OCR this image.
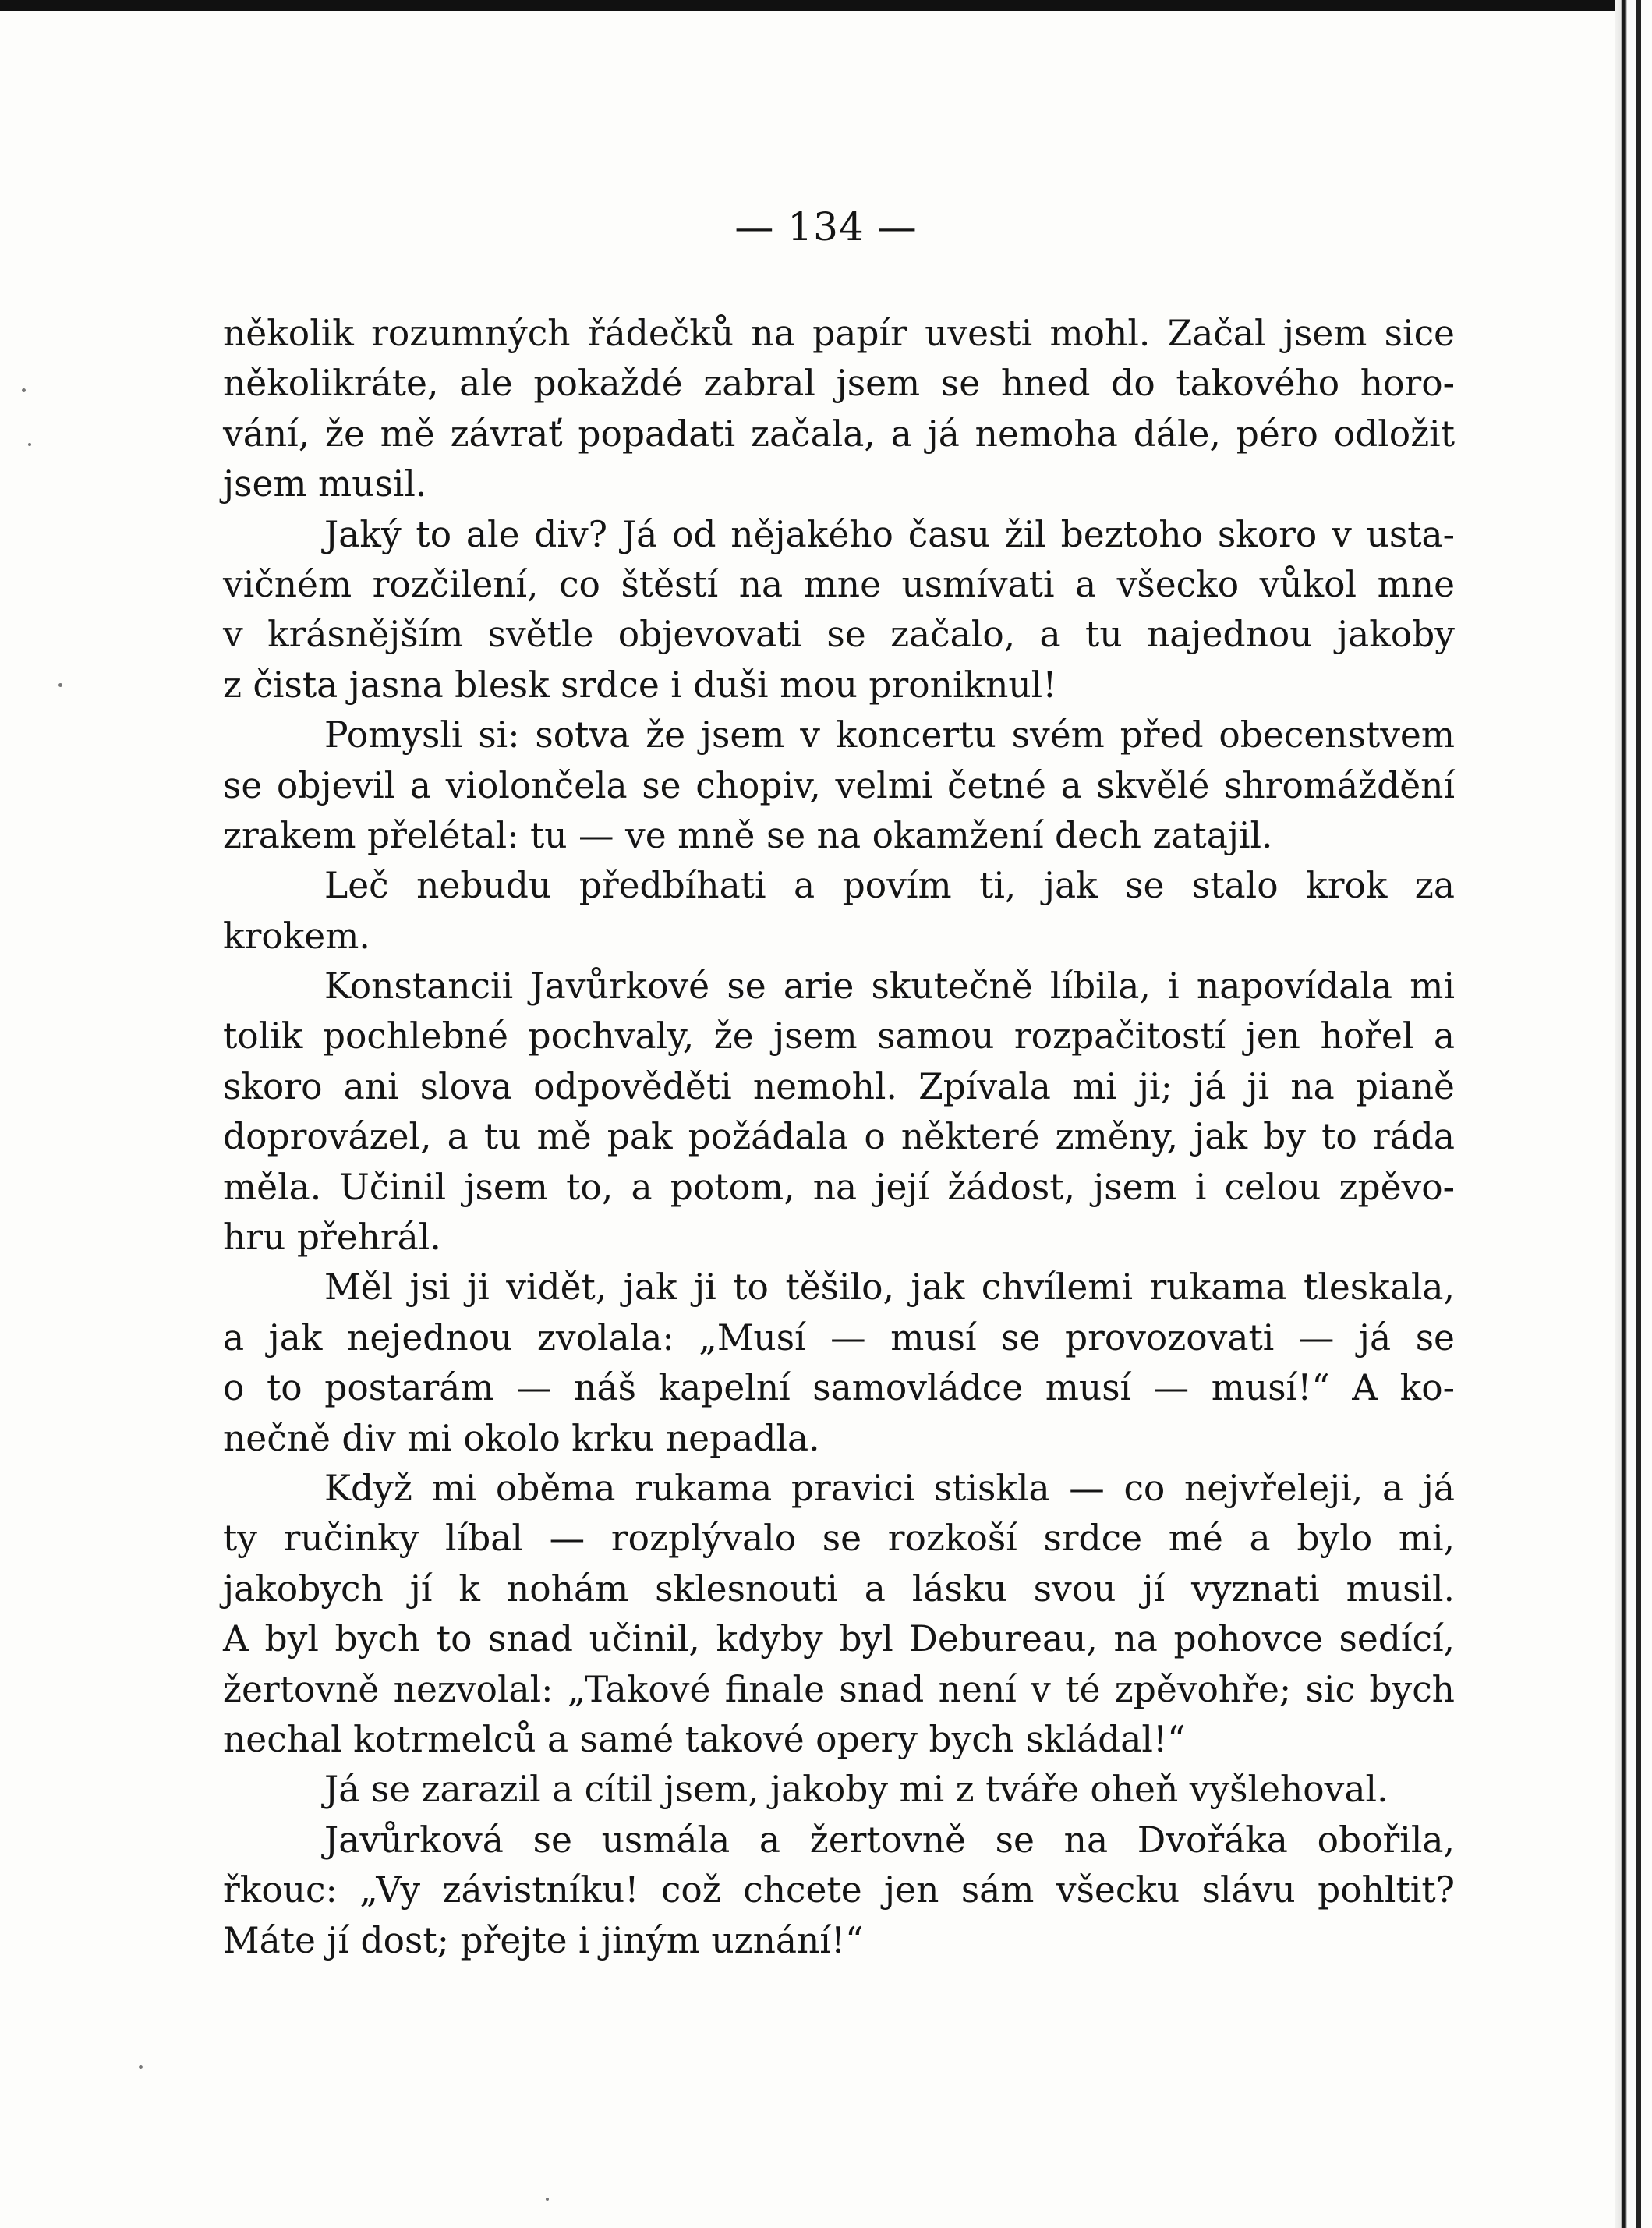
— 134 —
několik rozumných řádečků na papír uvesti mohl. Začal jsem sice
několikráte, ale pokaždé zabral jsem se hned do takového horo-
vání, že mě závrať popadati začala, a já nemoha dále, péro odložit
jsem musil.
Jaký to ale div? Já od nějakého času žil beztoho skoro v usta-
vičném rozčilení, co štěstí na mne usmívati a všecko vůkol mne
v krásnějším světle objevovati se začalo, a tu najednou jakoby
z čista jasna blesk srdce i duši mou proniknul!
Pomysli si: sotva že jsem v koncertu svém před obecenstvem
se objevil a violončela se chopiv, velmi četné a skvělé shromáždění
zrakem přelétal: tu — ve mně se na okamžení dech zatajil.
Leč nebudu předbíhati a povím ti, jak se stalo krok za
krokem.
Konstancii Javůrkové se arie skutečně líbila, i napovídala mi
tolik pochlebné pochvaly, že jsem samou rozpačitostí jen hořel a
skoro ani slova odpověděti nemohl. Zpívala mi ji; já ji na pianě
doprovázel, a tu mě pak požádala o některé změny, jak by to ráda
měla. Učinil jsem to, a potom, na její žádost, jsem i celou zpěvo-
hru přehrál.
Měl jsi ji vidět, jak ji to těšilo, jak chvílemi rukama tleskala,
a jak nejednou zvolala: „Musí — musí se provozovati — já se
o to postarám — náš kapelní samovládce musí — musí!“ A ko-
nečně div mi okolo krku nepadla.
Když mi oběma rukama pravici stiskla — co nejvřeleji, a já
ty ručinky líbal — rozplývalo se rozkoší srdce mé a bylo mi,
jakobych jí k nohám sklesnouti a lásku svou jí vyznati musil.
A byl bych to snad učinil, kdyby byl Debureau, na pohovce sedící,
žertovně nezvolal: „Takové finale snad není v té zpěvohře; sic bych
nechal kotrmelců a samé takové opery bych skládal!“
Já se zarazil a cítil jsem, jakoby mi z tváře oheň vyšlehoval.
Javůrková se usmála a žertovně se na Dvořáka obořila,
řkouc: „Vy závistníku! což chcete jen sám všecku slávu pohltit?
Máte jí dost; přejte i jiným uznání!“
